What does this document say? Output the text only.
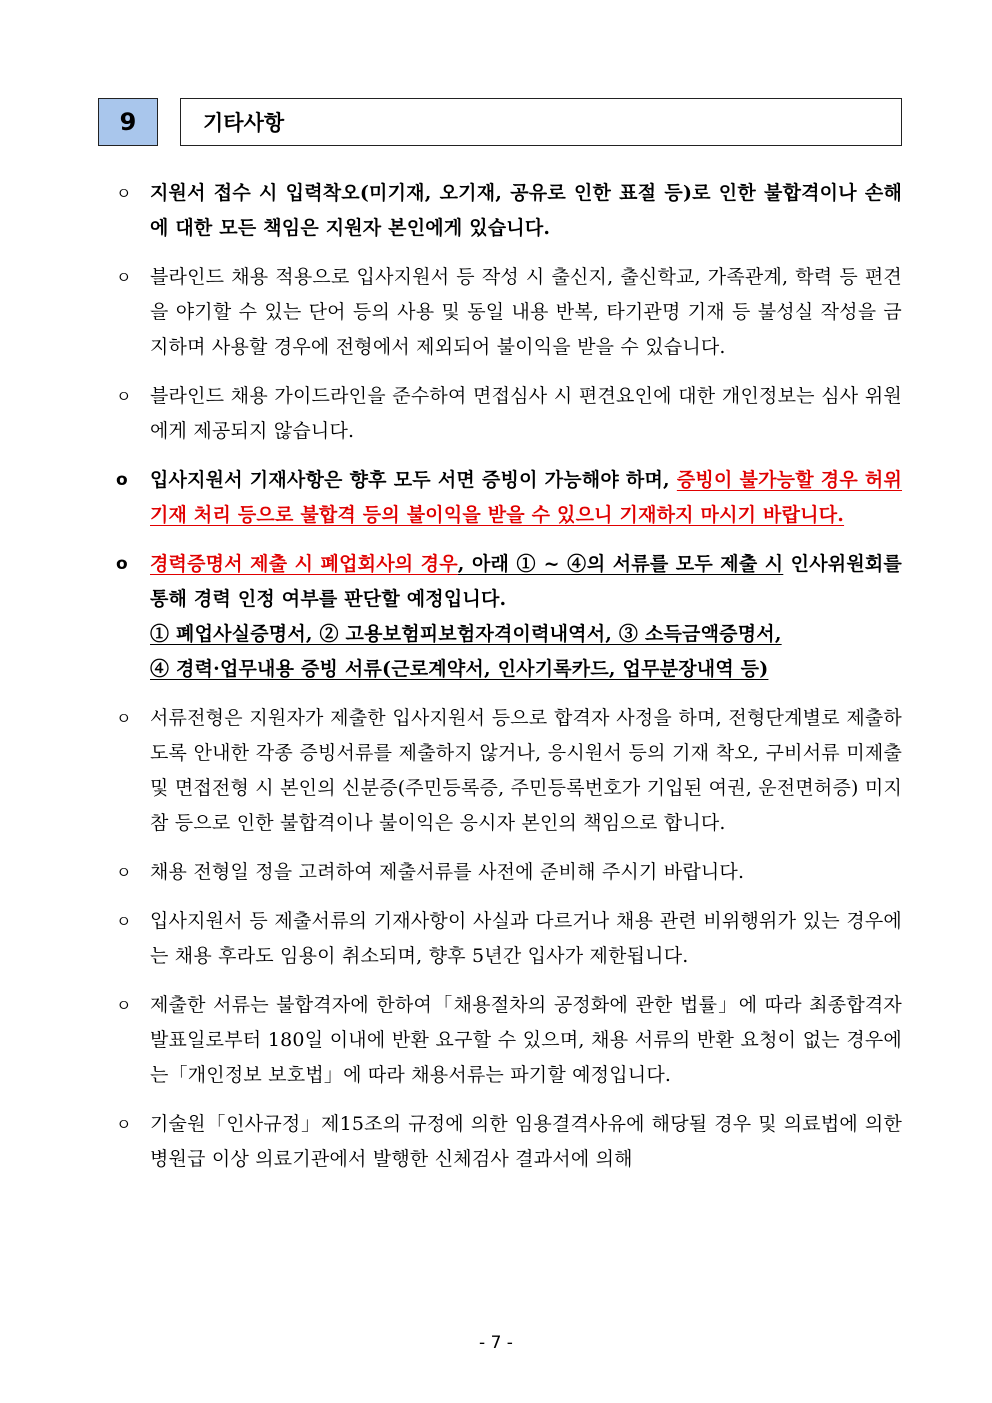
9	기타사항
ㅇ 지원서 접수 시 입력착오(미기재, 오기재, 공유로 인한 표절 등)로 인한 불합격이나 손해에 대한 모든 책임은 지원자 본인에게 있습니다.
ㅇ 블라인드 채용 적용으로 입사지원서 등 작성 시 출신지, 출신학교, 가족관계, 학력 등 편견을 야기할 수 있는 단어 등의 사용 및 동일 내용 반복, 타기관명 기재 등 불성실 작성을 금지하며 사용할 경우에 전형에서 제외되어 불이익을 받을 수 있습니다.
ㅇ 블라인드 채용 가이드라인을 준수하여 면접심사 시 편견요인에 대한 개인정보는 심사 위원에게 제공되지 않습니다.
o 입사지원서 기재사항은 향후 모두 서면 증빙이 가능해야 하며, 증빙이 불가능할 경우 허위기재 처리 등으로 불합격 등의 불이익을 받을 수 있으니 기재하지 마시기 바랍니다.
o 경력증명서 제출 시 폐업회사의 경우, 아래 ① ~ ④의 서류를 모두 제출 시 인사위원회를 통해 경력 인정 여부를 판단할 예정입니다.
① 폐업사실증명서, ② 고용보험피보험자격이력내역서, ③ 소득금액증명서,
④ 경력·업무내용 증빙 서류(근로계약서, 인사기록카드, 업무분장내역 등)
ㅇ 서류전형은 지원자가 제출한 입사지원서 등으로 합격자 사정을 하며, 전형단계별로 제출하도록 안내한 각종 증빙서류를 제출하지 않거나, 응시원서 등의 기재 착오, 구비서류 미제출 및 면접전형 시 본인의 신분증(주민등록증, 주민등록번호가 기입된 여권, 운전면허증) 미지참 등으로 인한 불합격이나 불이익은 응시자 본인의 책임으로 합니다.
ㅇ 채용 전형일 정을 고려하여 제출서류를 사전에 준비해 주시기 바랍니다.
ㅇ 입사지원서 등 제출서류의 기재사항이 사실과 다르거나 채용 관련 비위행위가 있는 경우에는 채용 후라도 임용이 취소되며, 향후 5년간 입사가 제한됩니다.
ㅇ 제출한 서류는 불합격자에 한하여「채용절차의 공정화에 관한 법률」에 따라 최종합격자 발표일로부터 180일 이내에 반환 요구할 수 있으며, 채용 서류의 반환 요청이 없는 경우에는「개인정보 보호법」에 따라 채용서류는 파기할 예정입니다.
ㅇ 기술원「인사규정」제15조의 규정에 의한 임용결격사유에 해당될 경우 및 의료법에 의한 병원급 이상 의료기관에서 발행한 신체검사 결과서에 의해
- 7 -
